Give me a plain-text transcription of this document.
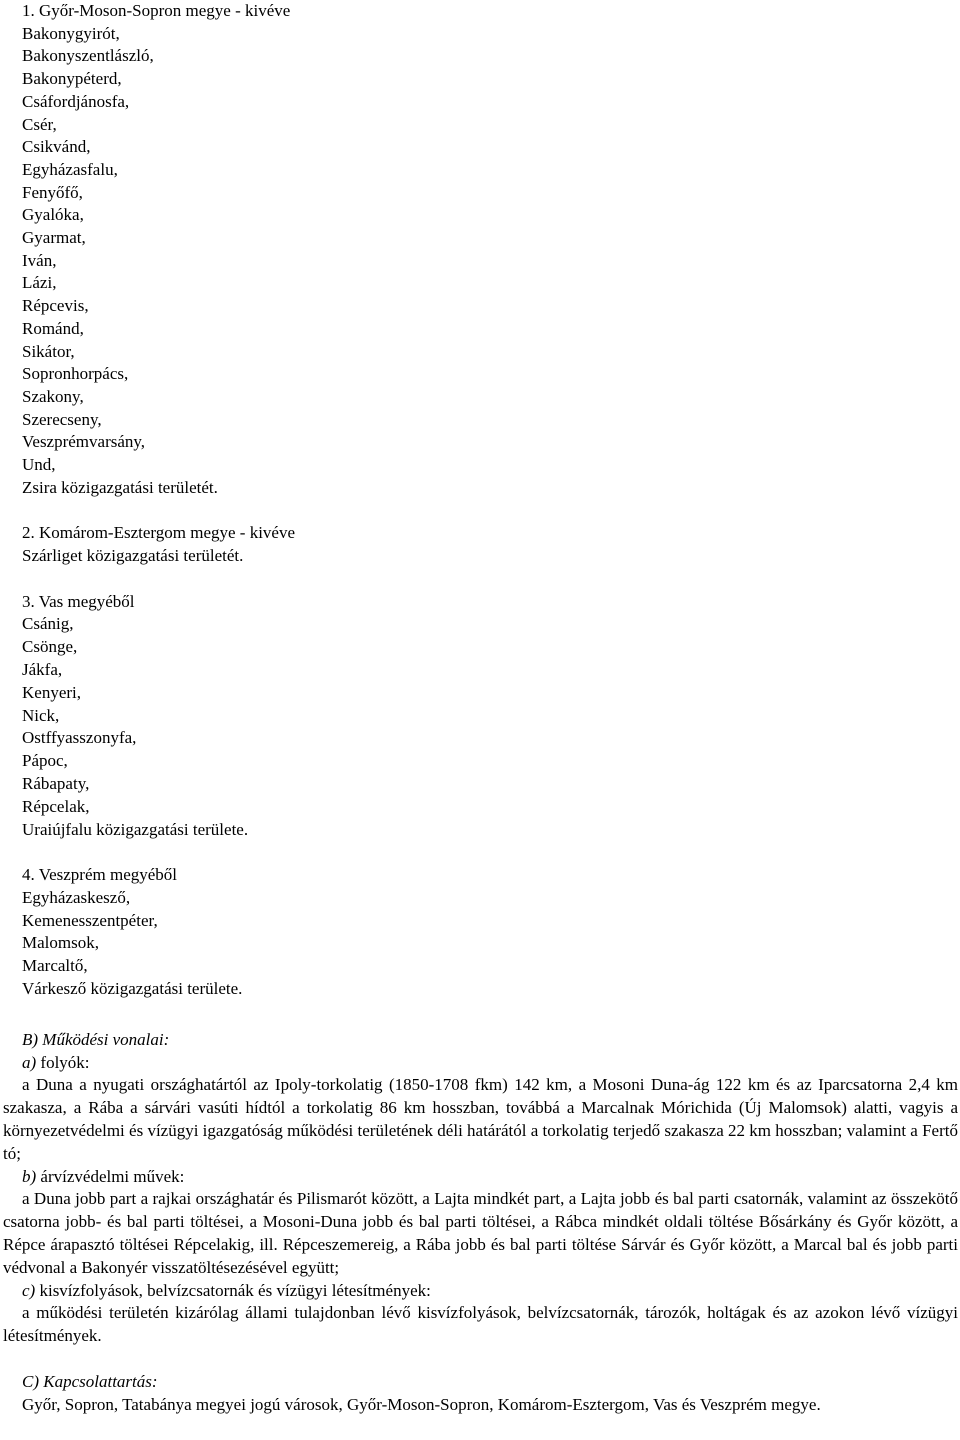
1. Győr-Moson-Sopron megye - kivéve
Bakonygyirót,
Bakonyszentlászló,
Bakonypéterd,
Csáfordjánosfa,
Csér,
Csikvánd,
Egyházasfalu,
Fenyőfő,
Gyalóka,
Gyarmat,
Iván,
Lázi,
Répcevis,
Románd,
Sikátor,
Sopronhorpács,
Szakony,
Szerecseny,
Veszprémvarsány,
Und,
Zsira közigazgatási területét.
2. Komárom-Esztergom megye - kivéve
Szárliget közigazgatási területét.
3. Vas megyéből
Csánig,
Csönge,
Jákfa,
Kenyeri,
Nick,
Ostffyasszonyfa,
Pápoc,
Rábapaty,
Répcelak,
Uraiújfalu közigazgatási területe.
4. Veszprém megyéből
Egyházaskesző,
Kemenesszentpéter,
Malomsok,
Marcaltő,
Várkesző közigazgatási területe.
B) Működési vonalai:
a) folyók:

a Duna a nyugati országhatártól az Ipoly-torkolatig (1850-1708 fkm) 142 km, a Mosoni Duna-ág 122 km és az Iparcsatorna 2,4 km szakasza, a Rába a sárvári vasúti hídtól a torkolatig 86 km hosszban, továbbá a Marcalnak Mórichida (Új Malomsok) alatti, vagyis a környezetvédelmi és vízügyi igazgatóság működési területének déli határától a torkolatig terjedő szakasza 22 km hosszban; valamint a Fertő tó;

b) árvízvédelmi művek:

a Duna jobb part a rajkai országhatár és Pilismarót között, a Lajta mindkét part, a Lajta jobb és bal parti csatornák, valamint az összekötő csatorna jobb- és bal parti töltései, a Mosoni-Duna jobb és bal parti töltései, a Rábca mindkét oldali töltése Bősárkány és Győr között, a Répce árapasztó töltései Répcelakig, ill. Répceszemereig, a Rába jobb és bal parti töltése Sárvár és Győr között, a Marcal bal és jobb parti védvonal a Bakonyér visszatöltésezésével együtt;

c) kisvízfolyások, belvízcsatornák és vízügyi létesítmények:

a működési területén kizárólag állami tulajdonban lévő kisvízfolyások, belvízcsatornák, tározók, holtágak és az azokon lévő vízügyi létesítmények.

C) Kapcsolattartás:

Győr, Sopron, Tatabánya megyei jogú városok, Győr-Moson-Sopron, Komárom-Esztergom, Vas és Veszprém megye.
